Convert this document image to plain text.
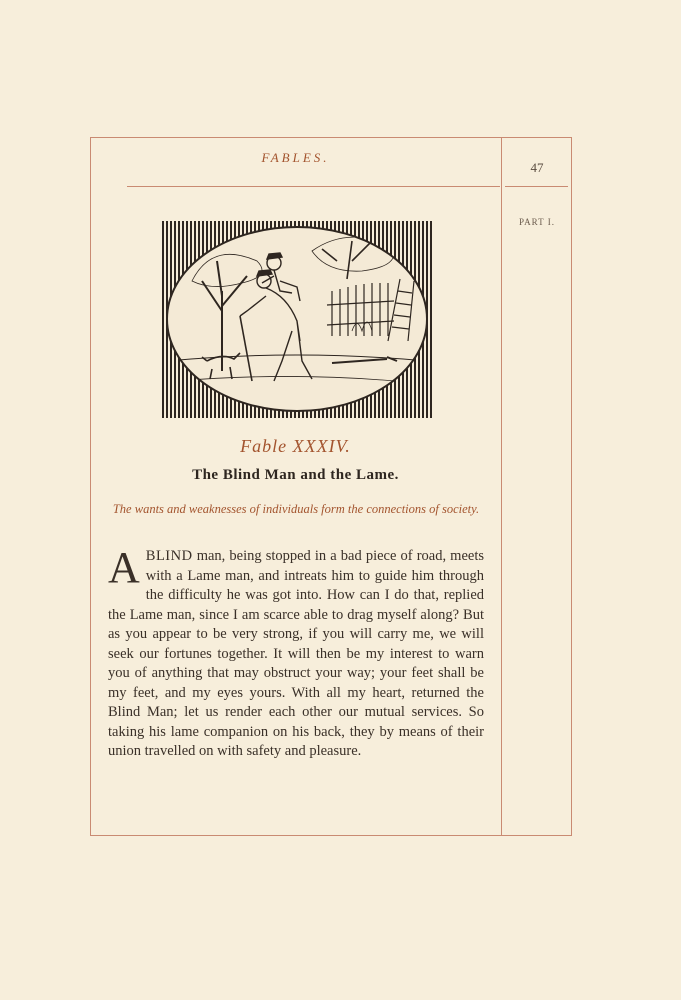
FABLES.
47
PART I.
Fable XXXIV.
The Blind Man and the Lame.
The wants and weaknesses of individuals form the connections of society.
ABLIND man, being stopped in a bad piece of road, meets with a Lame man, and intreats him to guide him through the difficulty he was got into. How can I do that, replied the Lame man, since I am scarce able to drag myself along? But as you appear to be very strong, if you will carry me, we will seek our fortunes together. It will then be my interest to warn you of anything that may obstruct your way; your feet shall be my feet, and my eyes yours. With all my heart, returned the Blind Man; let us render each other our mutual services. So taking his lame companion on his back, they by means of their union travelled on with safety and pleasure.
